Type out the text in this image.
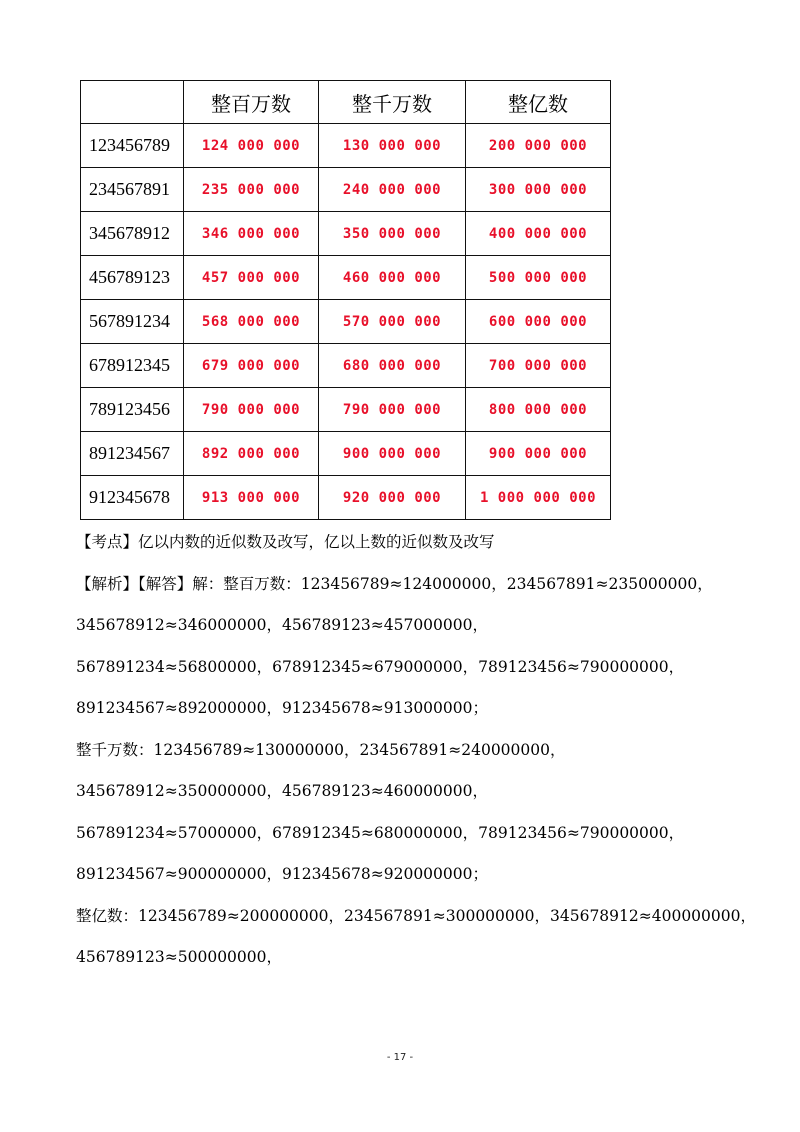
	整百万数	整千万数	整亿数
123456789	124 000 000	130 000 000	200 000 000
234567891	235 000 000	240 000 000	300 000 000
345678912	346 000 000	350 000 000	400 000 000
456789123	457 000 000	460 000 000	500 000 000
567891234	568 000 000	570 000 000	600 000 000
678912345	679 000 000	680 000 000	700 000 000
789123456	790 000 000	790 000 000	800 000 000
891234567	892 000 000	900 000 000	900 000 000
912345678	913 000 000	920 000 000	1 000 000 000
【考点】亿以内数的近似数及改写，亿以上数的近似数及改写
【解析】【解答】解：整百万数：123456789≈124000000，234567891≈235000000，
345678912≈346000000，456789123≈457000000，
567891234≈56800000，678912345≈679000000，789123456≈790000000，
891234567≈892000000，912345678≈913000000；
整千万数：123456789≈130000000，234567891≈240000000，
345678912≈350000000，456789123≈460000000，
567891234≈57000000，678912345≈680000000，789123456≈790000000，
891234567≈900000000，912345678≈920000000；
整亿数：123456789≈200000000，234567891≈300000000，345678912≈400000000，
456789123≈500000000，
- 17 -
